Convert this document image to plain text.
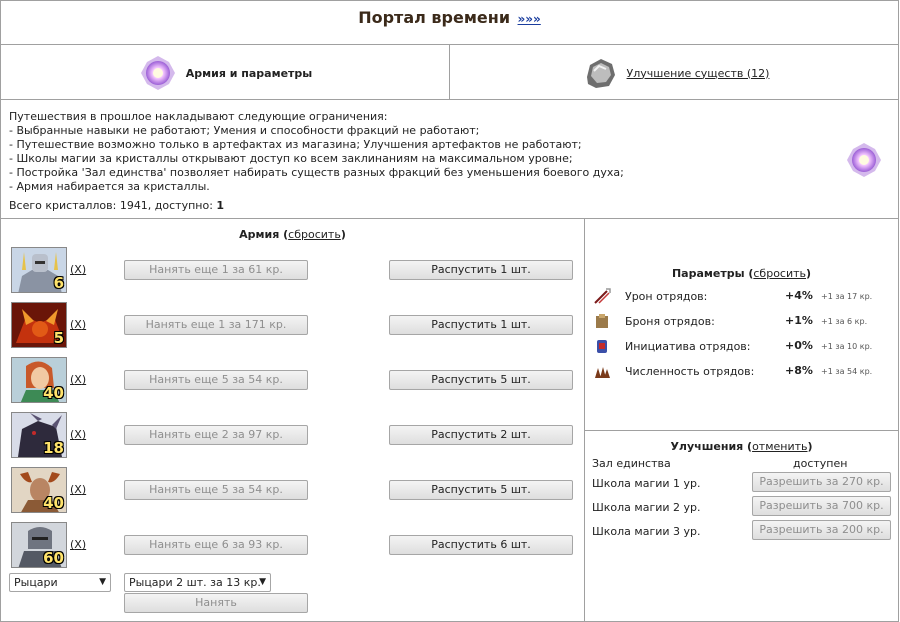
Портал времени »»»
Армия и параметры	Улучшение существ (12)
Путешествия в прошлое накладывают следующие ограничения:
- Выбранные навыки не работают; Умения и способности фракций не работают;
- Путешествие возможно только в артефактах из магазина; Улучшения артефактов не работают;
- Школы магии за кристаллы открывают доступ ко всем заклинаниям на максимальном уровне;
- Постройка 'Зал единства' позволяет набирать существ разных фракций без уменьшения боевого духа;
- Армия набирается за кристаллы.
Всего кристаллов: 1941, доступно: 1
Армия (сбросить)
6
(X)	Нанять еще 1 за 61 кр.	Распустить 1 шт.
5
(X)	Нанять еще 1 за 171 кр.	Распустить 1 шт.
40
(X)	Нанять еще 5 за 54 кр.	Распустить 5 шт.
18
(X)	Нанять еще 2 за 97 кр.	Распустить 2 шт.
40
(X)	Нанять еще 5 за 54 кр.	Распустить 5 шт.
60
(X)	Нанять еще 6 за 93 кр.	Распустить 6 шт.
Рыцари	▼	Рыцари 2 шт. за 13 кр.
▼
Нанять
Параметры (сбросить)
Урон отрядов:	+4% +1 за 17 кр.
Броня отрядов:	+1% +1 за 6 кр.
Инициатива отрядов:	+0% +1 за 10 кр.
Численность отрядов:	+8% +1 за 54 кр.
Улучшения (отменить)
Зал единства	доступен
Школа магии 1 ур.	Разрешить за 270 кр.
Школа магии 2 ур.	Разрешить за 700 кр.
Школа магии 3 ур.	Разрешить за 200 кр.
